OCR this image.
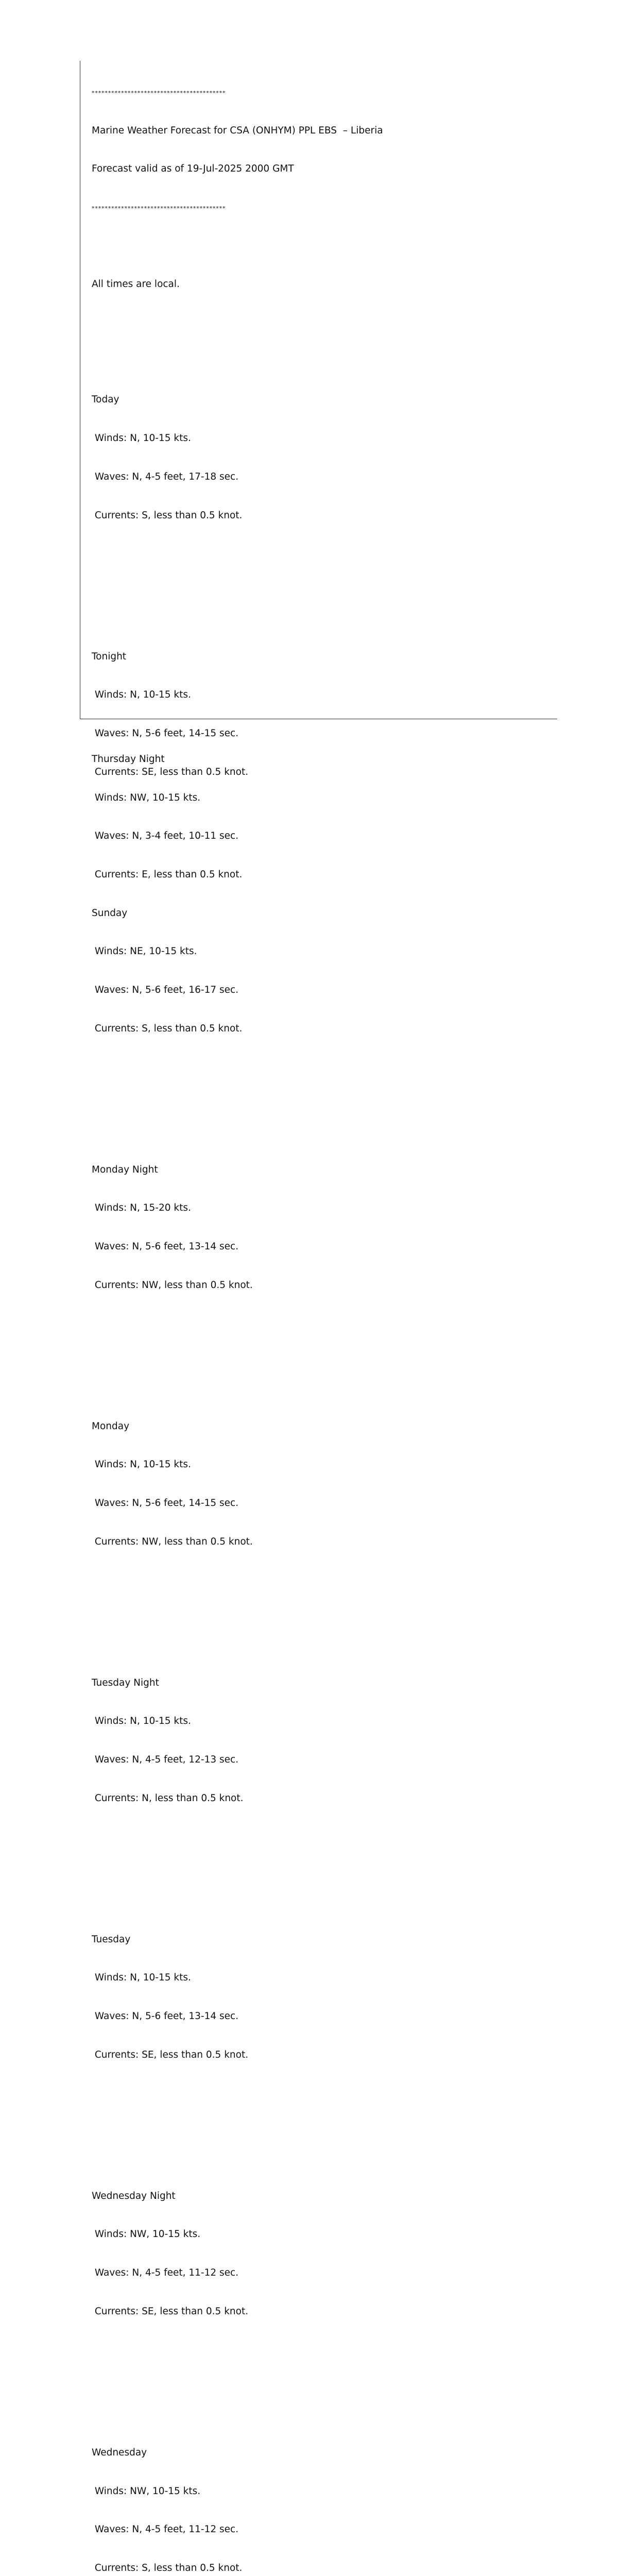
*****************************************

Marine Weather Forecast for CSA (ONHYM) PPL EBS  – Liberia

Forecast valid as of 19-Jul-2025 2000 GMT

*****************************************

All times are local.

Today

Winds: N, 10-15 kts.

Waves: N, 4-5 feet, 17-18 sec.

Currents: S, less than 0.5 knot.

Tonight

Winds: N, 10-15 kts.

Waves: N, 5-6 feet, 14-15 sec.

Currents: SE, less than 0.5 knot.

Sunday

Winds: NE, 10-15 kts.

Waves: N, 5-6 feet, 16-17 sec.

Currents: S, less than 0.5 knot.

Monday Night

Winds: N, 15-20 kts.

Waves: N, 5-6 feet, 13-14 sec.

Currents: NW, less than 0.5 knot.

Monday

Winds: N, 10-15 kts.

Waves: N, 5-6 feet, 14-15 sec.

Currents: NW, less than 0.5 knot.

Tuesday Night

Winds: N, 10-15 kts.

Waves: N, 4-5 feet, 12-13 sec.

Currents: N, less than 0.5 knot.

Tuesday

Winds: N, 10-15 kts.

Waves: N, 5-6 feet, 13-14 sec.

Currents: SE, less than 0.5 knot.

Wednesday Night

Winds: NW, 10-15 kts.

Waves: N, 4-5 feet, 11-12 sec.

Currents: SE, less than 0.5 knot.

Wednesday

Winds: NW, 10-15 kts.

Waves: N, 4-5 feet, 11-12 sec.

Currents: S, less than 0.5 knot.

Thursday Night

Winds: NW, 10-15 kts.

Waves: N, 3-4 feet, 10-11 sec.

Currents: E, less than 0.5 knot.
